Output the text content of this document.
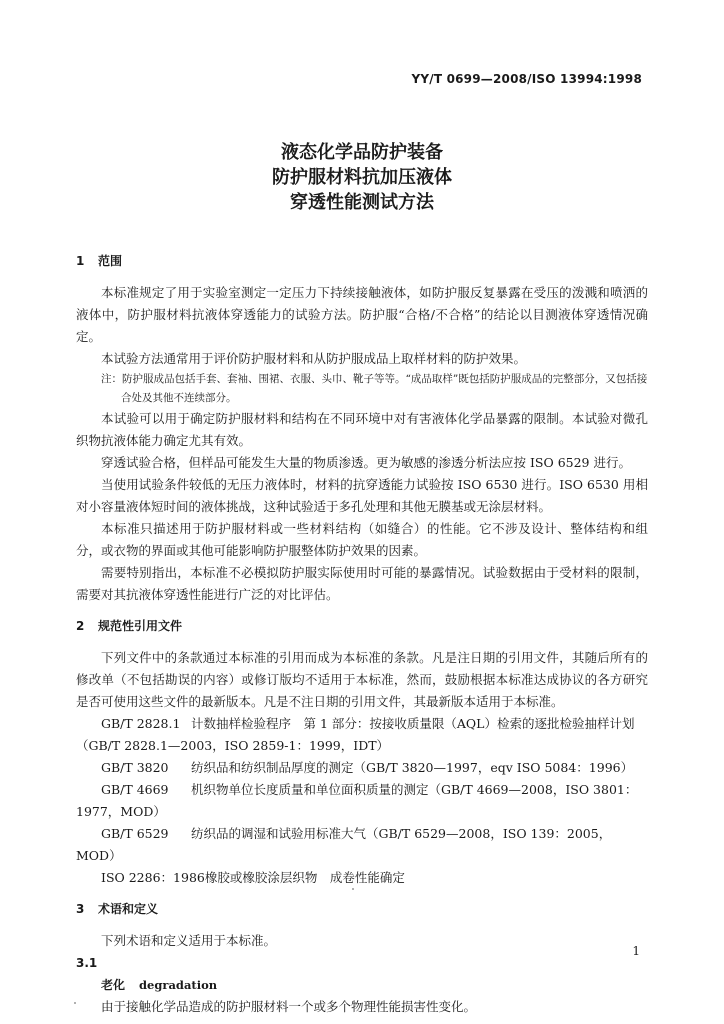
YY/T 0699—2008/ISO 13994:1998
液态化学品防护装备
防护服材料抗加压液体
穿透性能测试方法
1 范围
本标准规定了用于实验室测定一定压力下持续接触液体，如防护服反复暴露在受压的泼溅和喷洒的液体中，防护服材料抗液体穿透能力的试验方法。防护服“合格/不合格”的结论以目测液体穿透情况确定。
本试验方法通常用于评价防护服材料和从防护服成品上取样材料的防护效果。
注：防护服成品包括手套、套袖、围裙、衣服、头巾、靴子等等。“成品取样”既包括防护服成品的完整部分，又包括接
合处及其他不连续部分。
本试验可以用于确定防护服材料和结构在不同环境中对有害液体化学品暴露的限制。本试验对微孔织物抗液体能力确定尤其有效。
穿透试验合格，但样品可能发生大量的物质渗透。更为敏感的渗透分析法应按 ISO 6529 进行。
当使用试验条件较低的无压力液体时，材料的抗穿透能力试验按 ISO 6530 进行。ISO 6530 用相对小容量液体短时间的液体挑战，这种试验适于多孔处理和其他无膜基或无涂层材料。
本标准只描述用于防护服材料或一些材料结构（如缝合）的性能。它不涉及设计、整体结构和组分，或衣物的界面或其他可能影响防护服整体防护效果的因素。
需要特别指出，本标准不必模拟防护服实际使用时可能的暴露情况。试验数据由于受材料的限制，需要对其抗液体穿透性能进行广泛的对比评估。
2 规范性引用文件
下列文件中的条款通过本标准的引用而成为本标准的条款。凡是注日期的引用文件，其随后所有的修改单（不包括勘误的内容）或修订版均不适用于本标准，然而，鼓励根据本标准达成协议的各方研究是否可使用这些文件的最新版本。凡是不注日期的引用文件，其最新版本适用于本标准。
GB/T 2828.1 计数抽样检验程序　第 1 部分：按接收质量限（AQL）检索的逐批检验抽样计划（GB/T 2828.1—2003，ISO 2859-1：1999，IDT）
GB/T 3820 纺织品和纺织制品厚度的测定（GB/T 3820—1997，eqv ISO 5084：1996）
GB/T 4669 机织物单位长度质量和单位面积质量的测定（GB/T 4669—2008，ISO 3801：1977，MOD）
GB/T 6529 纺织品的调湿和试验用标准大气（GB/T 6529—2008，ISO 139：2005，MOD）
ISO 2286：1986橡胶或橡胶涂层织物　成卷性能确定
3 术语和定义
下列术语和定义适用于本标准。
3.1
老化 degradation
由于接触化学品造成的防护服材料一个或多个物理性能损害性变化。
1
